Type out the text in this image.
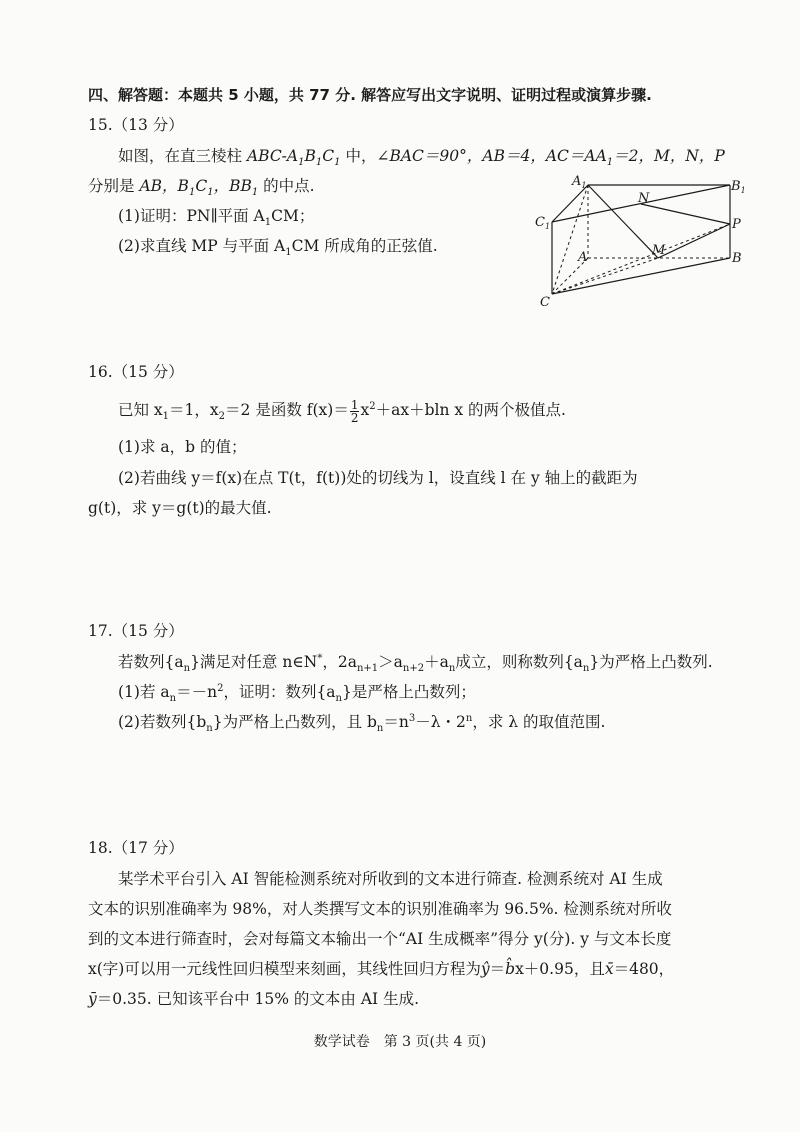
四、解答题：本题共 5 小题，共 77 分. 解答应写出文字说明、证明过程或演算步骤.
15.（13 分）
如图，在直三棱柱 ABC-$A_1B_1C_1$ 中，∠BAC＝90°，AB＝4，$AC=AA_1=2$，M，N，P
分别是 AB，$B_1C_1$，$BB_1$ 的中点.
(1)证明：PN∥平面 $A_1CM$；
(2)求直线 MP 与平面 $A_1CM$ 所成角的正弦值.
$A_1$	$B_1$
$C_1$
N
P
A	M
B
C
16.（15 分）
已知 $x_1=1$，$x_2=2$ 是函数 $f(x)= \frac{1}{2} x^2+ax+bln$ x 的两个极值点.
(1)求 a，b 的值；
(2)若曲线 y＝f(x)在点 T(t，f(t))处的切线为 l，设直线 l 在 y 轴上的截距为
g(t)，求 y＝g(t)的最大值.
17.（15 分）
若数列$\{a_n\}$满足对任意 n∈N*，$2a_{n+1}>a_{n+2}+a_n$成立，则称数列$\{a_n\}$为严格上凸数列.
(1)若 $a_n=-n^2$，证明：数列$\{a_n\}$是严格上凸数列；
(2)若数列$\{b_n\}$为严格上凸数列，且 $b_n=n^3-\lambda$・2$^n$，求 λ 的取值范围.
18.（17 分）
某学术平台引入 AI 智能检测系统对所收到的文本进行筛查. 检测系统对 AI 生成
文本的识别准确率为 98%，对人类撰写文本的识别准确率为 96.5%. 检测系统对所收
到的文本进行筛查时，会对每篇文本输出一个“AI 生成概率”得分 y(分). y 与文本长度
x(字)可以用一元线性回归模型来刻画，其线性回归方程为ŷ＝b̂x＋0.95，且x̄＝480，
ȳ＝0.35. 已知该平台中 15% 的文本由 AI 生成.
数学试卷　第 3 页(共 4 页)
